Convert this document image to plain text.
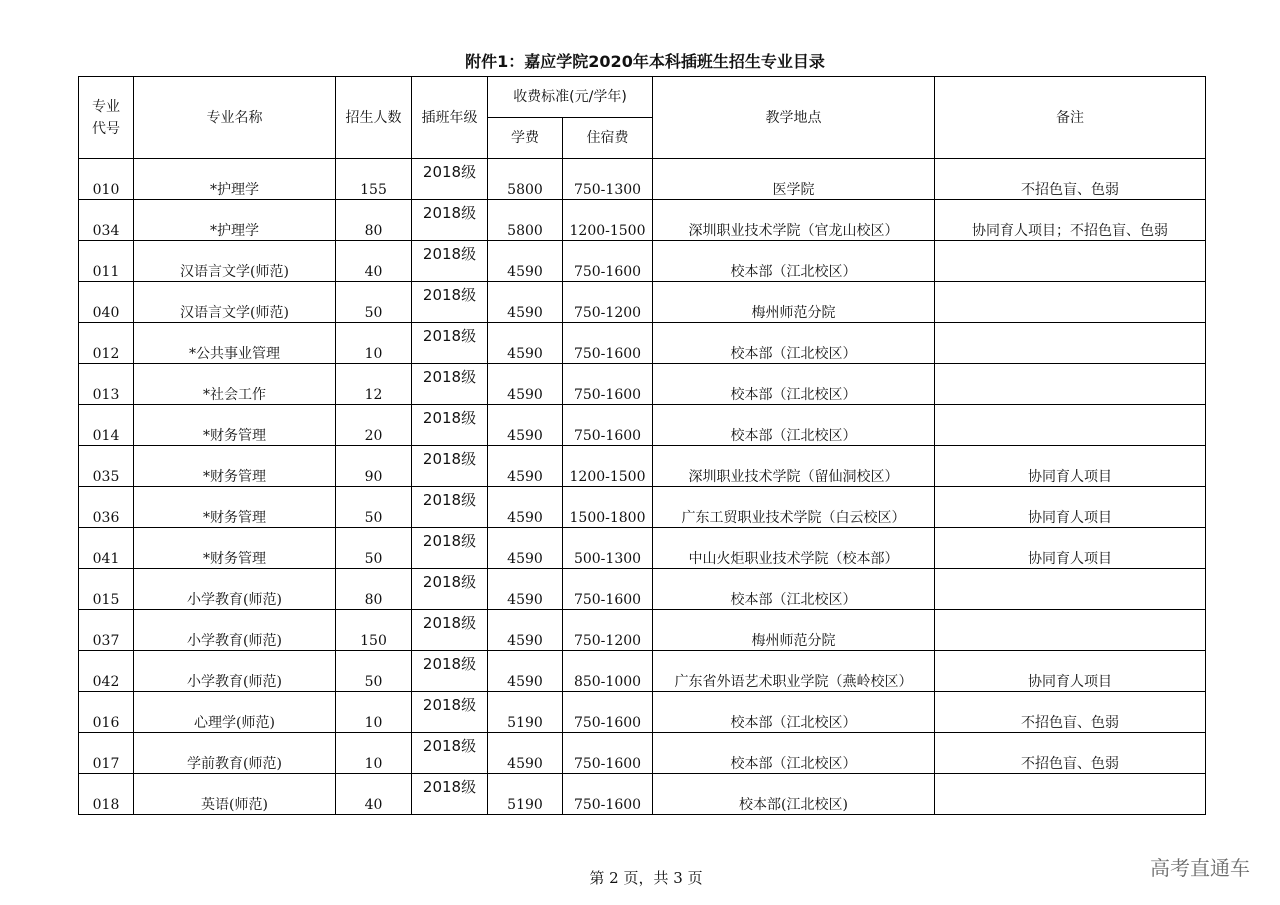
附件1：嘉应学院2020年本科插班生招生专业目录
专业
代号	专业名称	招生人数	插班年级	收费标准(元/学年)		教学地点	备注
				学费	住宿费		
010	*护理学	155	2018级	5800	750-1300	医学院	不招色盲、色弱
034	*护理学	80	2018级	5800	1200-1500	深圳职业技术学院（官龙山校区）	协同育人项目；不招色盲、色弱
011	汉语言文学(师范)	40	2018级	4590	750-1600	校本部（江北校区）	
040	汉语言文学(师范)	50	2018级	4590	750-1200	梅州师范分院	
012	*公共事业管理	10	2018级	4590	750-1600	校本部（江北校区）	
013	*社会工作	12	2018级	4590	750-1600	校本部（江北校区）	
014	*财务管理	20	2018级	4590	750-1600	校本部（江北校区）	
035	*财务管理	90	2018级	4590	1200-1500	深圳职业技术学院（留仙洞校区）	协同育人项目
036	*财务管理	50	2018级	4590	1500-1800	广东工贸职业技术学院（白云校区）	协同育人项目
041	*财务管理	50	2018级	4590	500-1300	中山火炬职业技术学院（校本部）	协同育人项目
015	小学教育(师范)	80	2018级	4590	750-1600	校本部（江北校区）	
037	小学教育(师范)	150	2018级	4590	750-1200	梅州师范分院	
042	小学教育(师范)	50	2018级	4590	850-1000	广东省外语艺术职业学院（燕岭校区）	协同育人项目
016	心理学(师范)	10	2018级	5190	750-1600	校本部（江北校区）	不招色盲、色弱
017	学前教育(师范)	10	2018级	4590	750-1600	校本部（江北校区）	不招色盲、色弱
018	英语(师范)	40	2018级	5190	750-1600	校本部(江北校区)	
第 2 页，共 3 页	高考直通车
